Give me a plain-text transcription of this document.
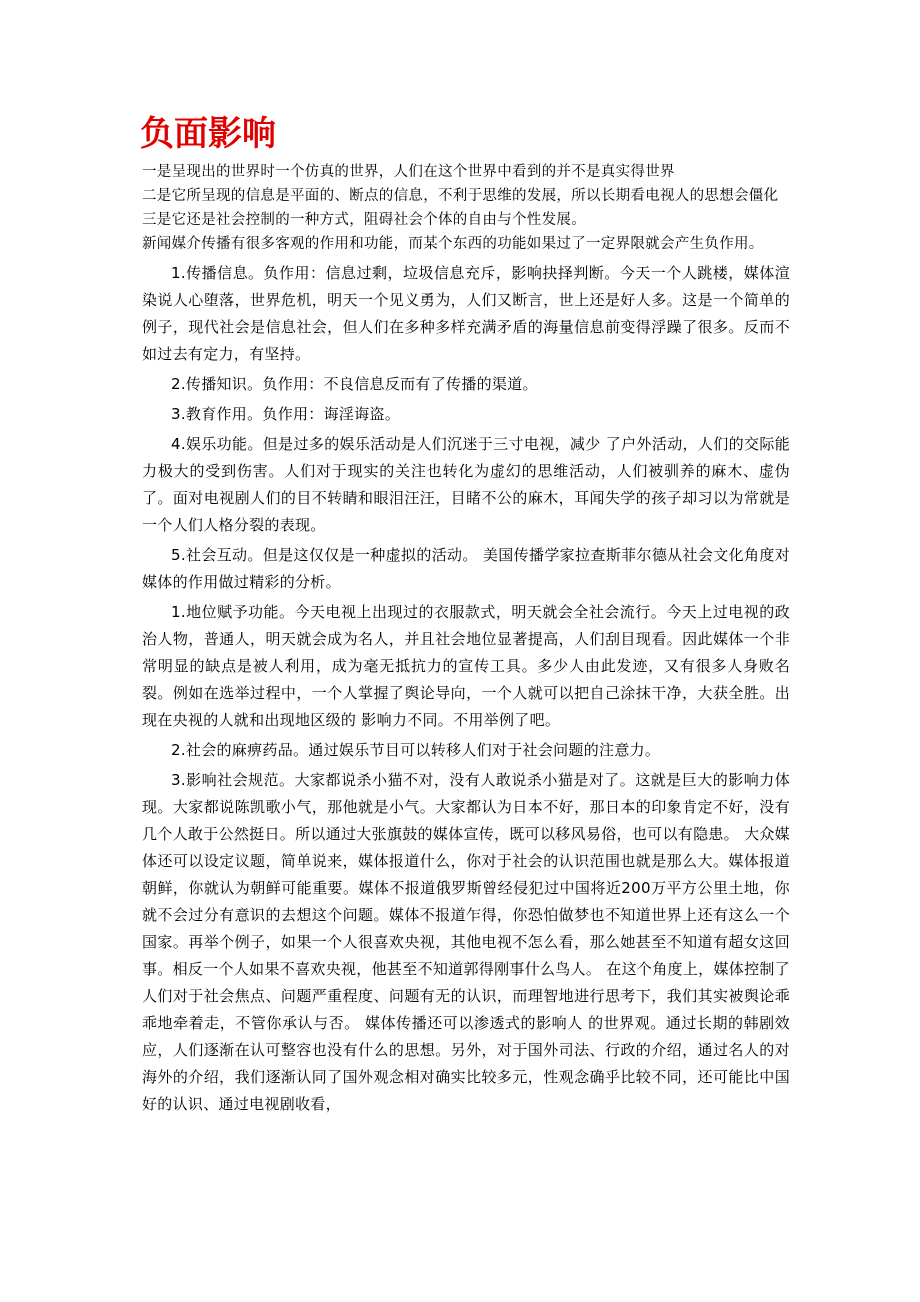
负面影响

一是呈现出的世界时一个仿真的世界，人们在这个世界中看到的并不是真实得世界

二是它所呈现的信息是平面的、断点的信息，不利于思维的发展，所以长期看电视人的思想会僵化

三是它还是社会控制的一种方式，阻碍社会个体的自由与个性发展。

新闻媒介传播有很多客观的作用和功能，而某个东西的功能如果过了一定界限就会产生负作用。

1.传播信息。负作用：信息过剩，垃圾信息充斥，影响抉择判断。今天一个人跳楼，媒体渲染说人心堕落，世界危机，明天一个见义勇为，人们又断言，世上还是好人多。这是一个简单的例子，现代社会是信息社会，但人们在多种多样充满矛盾的海量信息前变得浮躁了很多。反而不如过去有定力，有坚持。

2.传播知识。负作用：不良信息反而有了传播的渠道。

3.教育作用。负作用：诲淫诲盗。

4.娱乐功能。但是过多的娱乐活动是人们沉迷于三寸电视，减少 了户外活动，人们的交际能力极大的受到伤害。人们对于现实的关注也转化为虚幻的思维活动，人们被驯养的麻木、虚伪了。面对电视剧人们的目不转睛和眼泪汪汪，目睹不公的麻木，耳闻失学的孩子却习以为常就是一个人们人格分裂的表现。

5.社会互动。但是这仅仅是一种虚拟的活动。 美国传播学家拉查斯菲尔德从社会文化角度对媒体的作用做过精彩的分析。

1.地位赋予功能。今天电视上出现过的衣服款式，明天就会全社会流行。今天上过电视的政治人物，普通人，明天就会成为名人，并且社会地位显著提高，人们刮目现看。因此媒体一个非常明显的缺点是被人利用，成为毫无抵抗力的宣传工具。多少人由此发迹，又有很多人身败名裂。例如在选举过程中，一个人掌握了舆论导向，一个人就可以把自己涂抹干净，大获全胜。出现在央视的人就和出现地区级的 影响力不同。不用举例了吧。

2.社会的麻痹药品。通过娱乐节目可以转移人们对于社会问题的注意力。

3.影响社会规范。大家都说杀小猫不对，没有人敢说杀小猫是对了。这就是巨大的影响力体现。大家都说陈凯歌小气，那他就是小气。大家都认为日本不好，那日本的印象肯定不好，没有几个人敢于公然挺日。所以通过大张旗鼓的媒体宣传，既可以移风易俗，也可以有隐患。 大众媒体还可以设定议题，简单说来，媒体报道什么，你对于社会的认识范围也就是那么大。媒体报道朝鲜，你就认为朝鲜可能重要。媒体不报道俄罗斯曾经侵犯过中国将近200万平方公里土地，你就不会过分有意识的去想这个问题。媒体不报道乍得，你恐怕做梦也不知道世界上还有这么一个国家。再举个例子，如果一个人很喜欢央视，其他电视不怎么看，那么她甚至不知道有超女这回事。相反一个人如果不喜欢央视，他甚至不知道郭得刚事什么鸟人。 在这个角度上，媒体控制了人们对于社会焦点、问题严重程度、问题有无的认识，而理智地进行思考下，我们其实被舆论乖乖地牵着走，不管你承认与否。 媒体传播还可以渗透式的影响人 的世界观。通过长期的韩剧效应，人们逐渐在认可整容也没有什么的思想。另外，对于国外司法、行政的介绍，通过名人的对海外的介绍，我们逐渐认同了国外观念相对确实比较多元，性观念确乎比较不同，还可能比中国好的认识、通过电视剧收看，
